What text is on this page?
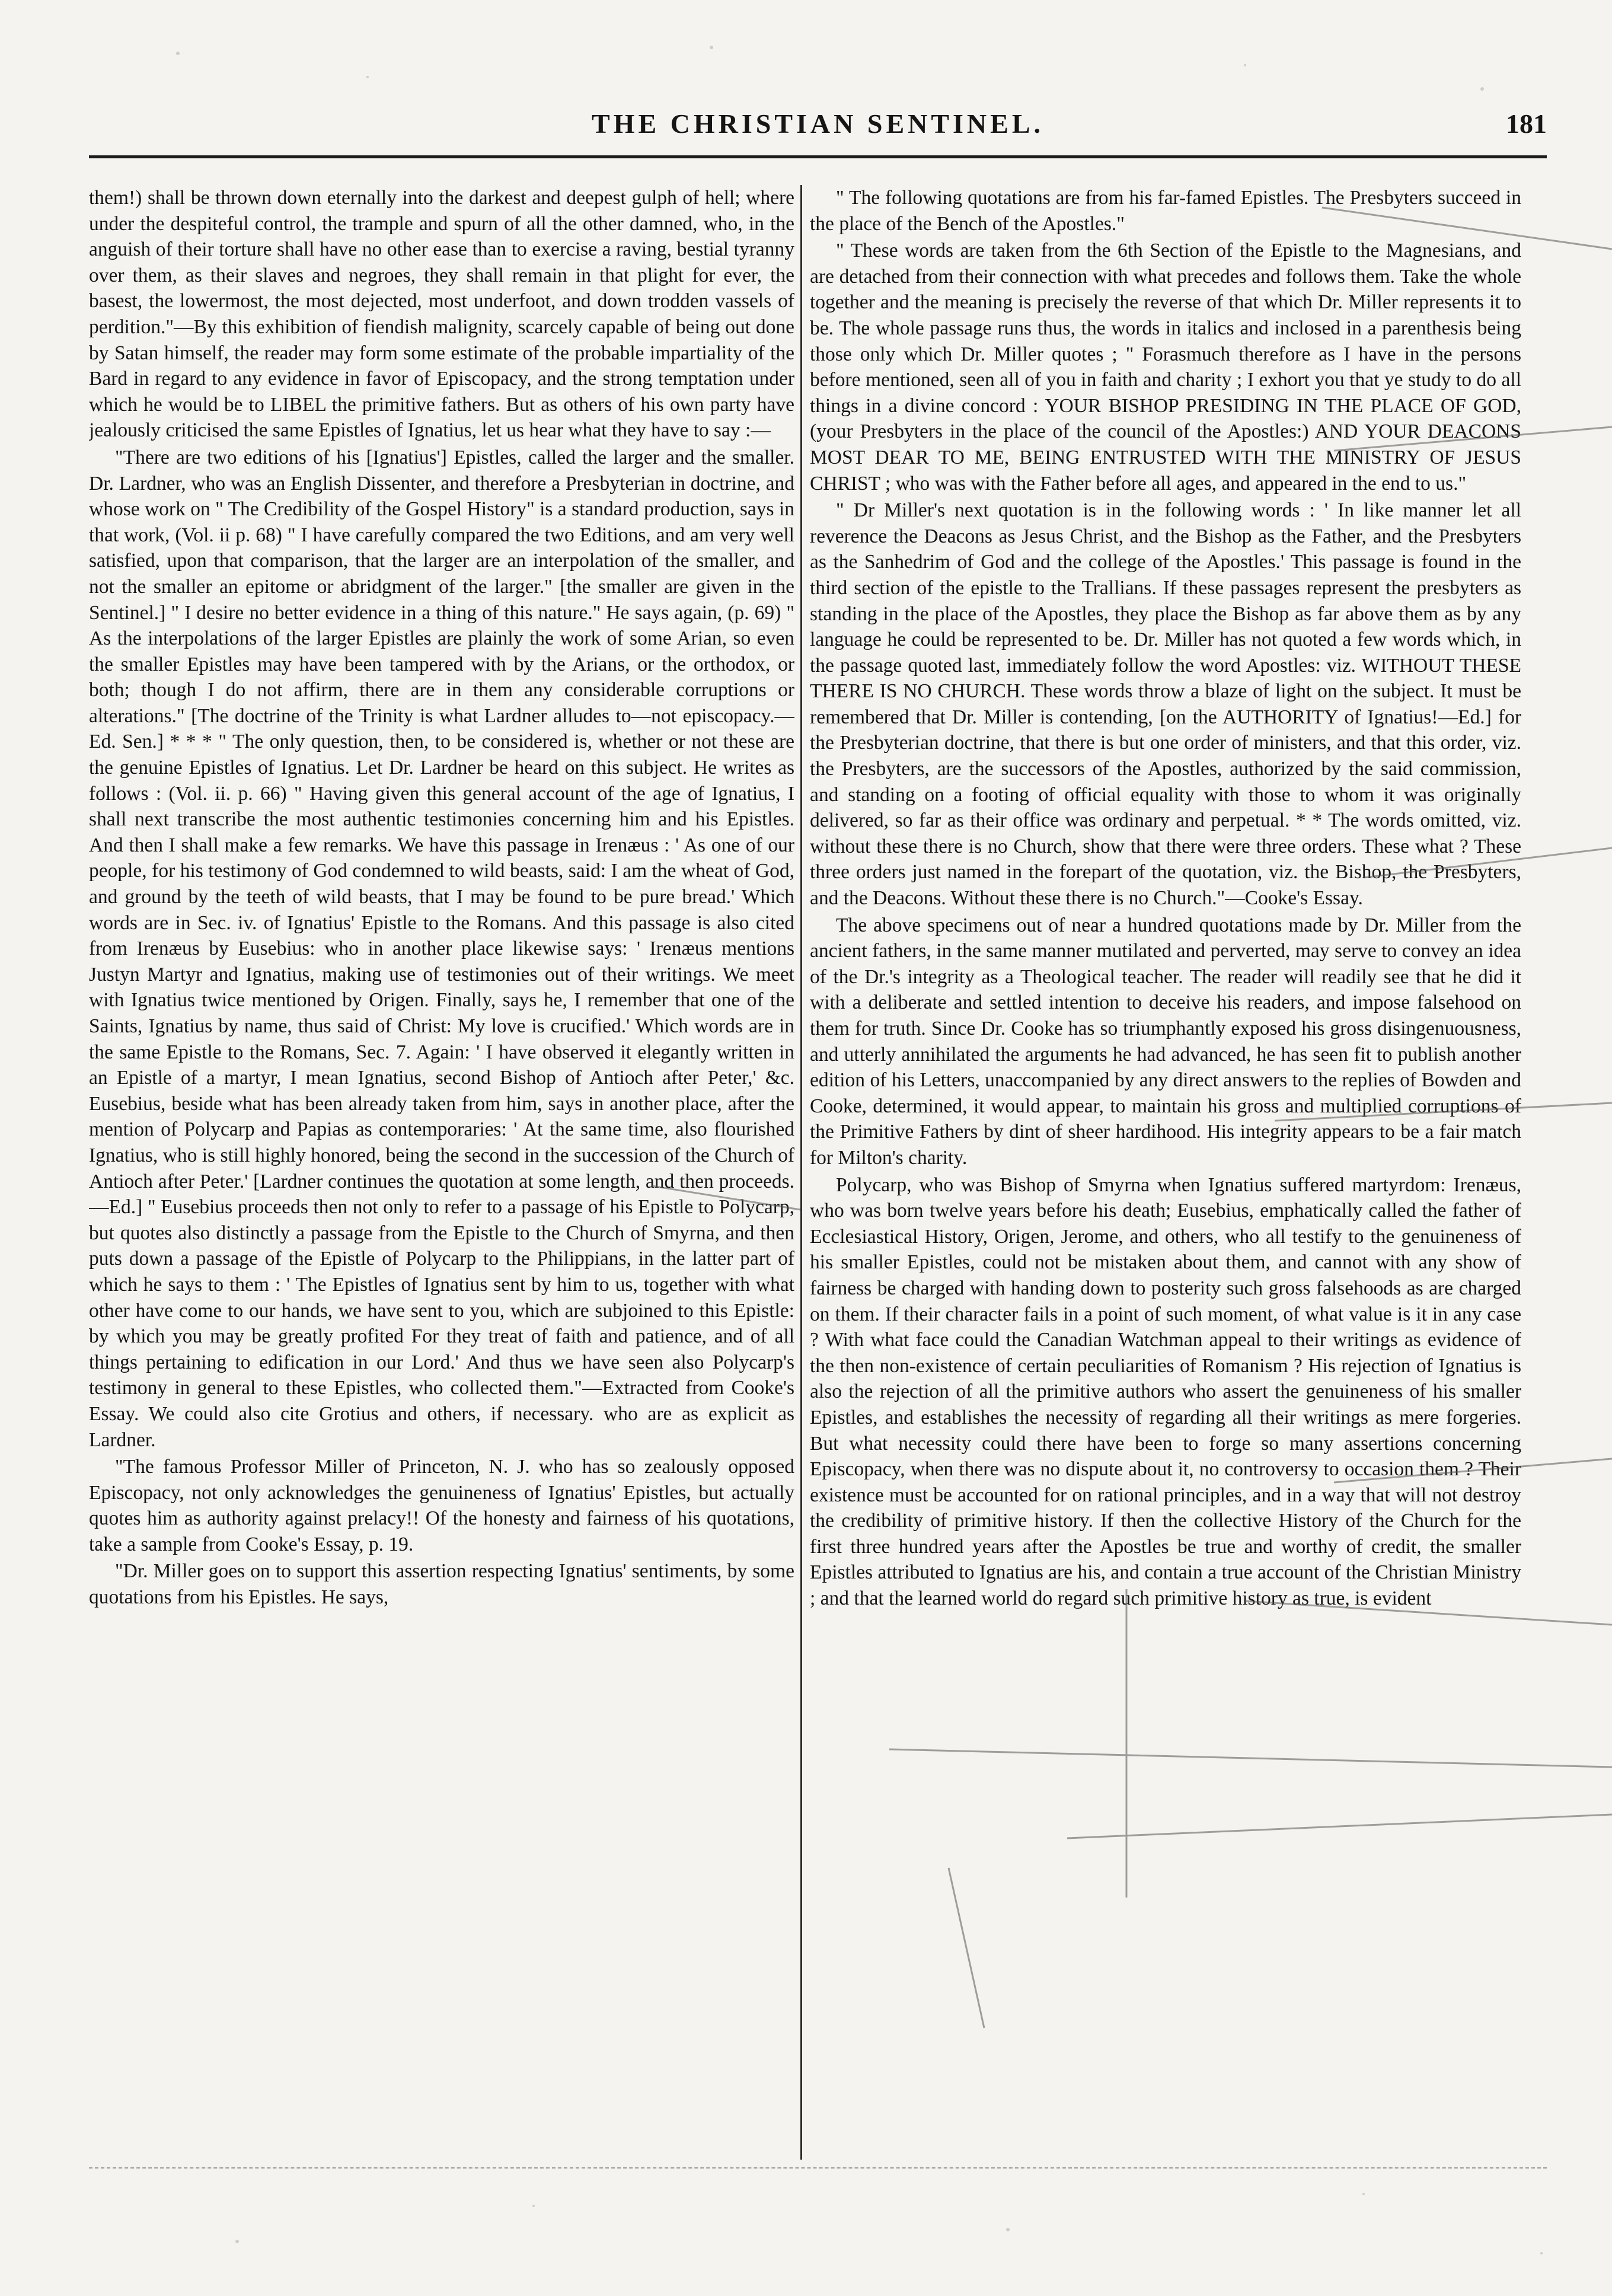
THE CHRISTIAN SENTINEL.	181

them!) shall be thrown down eternally into the darkest and deepest gulph of hell; where under the despiteful control, the trample and spurn of all the other damned, who, in the anguish of their torture shall have no other ease than to exercise a raving, bestial tyranny over them, as their slaves and negroes, they shall remain in that plight for ever, the basest, the lowermost, the most dejected, most underfoot, and down trodden vassels of perdition."—By this exhibition of fiendish malignity, scarcely capable of being out done by Satan himself, the reader may form some estimate of the probable impartiality of the Bard in regard to any evidence in favor of Episcopacy, and the strong temptation under which he would be to LIBEL the primitive fathers. But as others of his own party have jealously criticised the same Epistles of Ignatius, let us hear what they have to say :—

"There are two editions of his [Ignatius'] Epistles, called the larger and the smaller. Dr. Lardner, who was an English Dissenter, and therefore a Presbyterian in doctrine, and whose work on " The Credibility of the Gospel History" is a standard production, says in that work, (Vol. ii p. 68) " I have carefully compared the two Editions, and am very well satisfied, upon that comparison, that the larger are an interpolation of the smaller, and not the smaller an epitome or abridgment of the larger." [the smaller are given in the Sentinel.] " I desire no better evidence in a thing of this nature." He says again, (p. 69) " As the interpolations of the larger Epistles are plainly the work of some Arian, so even the smaller Epistles may have been tampered with by the Arians, or the orthodox, or both; though I do not affirm, there are in them any considerable corruptions or alterations." [The doctrine of the Trinity is what Lardner alludes to—not episcopacy.—Ed. Sen.] * * * " The only question, then, to be considered is, whether or not these are the genuine Epistles of Ignatius. Let Dr. Lardner be heard on this subject. He writes as follows : (Vol. ii. p. 66) " Having given this general account of the age of Ignatius, I shall next transcribe the most authentic testimonies concerning him and his Epistles. And then I shall make a few remarks. We have this passage in Irenæus : ' As one of our people, for his testimony of God condemned to wild beasts, said: I am the wheat of God, and ground by the teeth of wild beasts, that I may be found to be pure bread.' Which words are in Sec. iv. of Ignatius' Epistle to the Romans. And this passage is also cited from Irenæus by Eusebius: who in another place likewise says: ' Irenæus mentions Justyn Martyr and Ignatius, making use of testimonies out of their writings. We meet with Ignatius twice mentioned by Origen. Finally, says he, I remember that one of the Saints, Ignatius by name, thus said of Christ: My love is crucified.' Which words are in the same Epistle to the Romans, Sec. 7. Again: ' I have observed it elegantly written in an Epistle of a martyr, I mean Ignatius, second Bishop of Antioch after Peter,' &c. Eusebius, beside what has been already taken from him, says in another place, after the mention of Polycarp and Papias as contemporaries: ' At the same time, also flourished Ignatius, who is still highly honored, being the second in the succession of the Church of Antioch after Peter.' [Lardner continues the quotation at some length, and then proceeds.—Ed.] " Eusebius proceeds then not only to refer to a passage of his Epistle to Polycarp, but quotes also distinctly a passage from the Epistle to the Church of Smyrna, and then puts down a passage of the Epistle of Polycarp to the Philippians, in the latter part of which he says to them : ' The Epistles of Ignatius sent by him to us, together with what other have come to our hands, we have sent to you, which are subjoined to this Epistle: by which you may be greatly profited For they treat of faith and patience, and of all things pertaining to edification in our Lord.' And thus we have seen also Polycarp's testimony in general to these Epistles, who collected them."—Extracted from Cooke's Essay. We could also cite Grotius and others, if necessary. who are as explicit as Lardner.

"The famous Professor Miller of Princeton, N. J. who has so zealously opposed Episcopacy, not only acknowledges the genuineness of Ignatius' Epistles, but actually quotes him as authority against prelacy!! Of the honesty and fairness of his quotations, take a sample from Cooke's Essay, p. 19.

"Dr. Miller goes on to support this assertion respecting Ignatius' sentiments, by some quotations from his Epistles. He says,

" The following quotations are from his far-famed Epistles. The Presbyters succeed in the place of the Bench of the Apostles."

" These words are taken from the 6th Section of the Epistle to the Magnesians, and are detached from their connection with what precedes and follows them. Take the whole together and the meaning is precisely the reverse of that which Dr. Miller represents it to be. The whole passage runs thus, the words in italics and inclosed in a parenthesis being those only which Dr. Miller quotes ; " Forasmuch therefore as I have in the persons before mentioned, seen all of you in faith and charity ; I exhort you that ye study to do all things in a divine concord : YOUR BISHOP PRESIDING IN THE PLACE OF GOD, (your Presbyters in the place of the council of the Apostles:) AND YOUR DEACONS MOST DEAR TO ME, BEING ENTRUSTED WITH THE MINISTRY OF JESUS CHRIST ; who was with the Father before all ages, and appeared in the end to us."

" Dr Miller's next quotation is in the following words : ' In like manner let all reverence the Deacons as Jesus Christ, and the Bishop as the Father, and the Presbyters as the Sanhedrim of God and the college of the Apostles.' This passage is found in the third section of the epistle to the Trallians. If these passages represent the presbyters as standing in the place of the Apostles, they place the Bishop as far above them as by any language he could be represented to be. Dr. Miller has not quoted a few words which, in the passage quoted last, immediately follow the word Apostles: viz. WITHOUT THESE THERE IS NO CHURCH. These words throw a blaze of light on the subject. It must be remembered that Dr. Miller is contending, [on the AUTHORITY of Ignatius!—Ed.] for the Presbyterian doctrine, that there is but one order of ministers, and that this order, viz. the Presbyters, are the successors of the Apostles, authorized by the said commission, and standing on a footing of official equality with those to whom it was originally delivered, so far as their office was ordinary and perpetual. * * The words omitted, viz. without these there is no Church, show that there were three orders. These what ? These three orders just named in the forepart of the quotation, viz. the Bishop, the Presbyters, and the Deacons. Without these there is no Church."—Cooke's Essay.

The above specimens out of near a hundred quotations made by Dr. Miller from the ancient fathers, in the same manner mutilated and perverted, may serve to convey an idea of the Dr.'s integrity as a Theological teacher. The reader will readily see that he did it with a deliberate and settled intention to deceive his readers, and impose falsehood on them for truth. Since Dr. Cooke has so triumphantly exposed his gross disingenuousness, and utterly annihilated the arguments he had advanced, he has seen fit to publish another edition of his Letters, unaccompanied by any direct answers to the replies of Bowden and Cooke, determined, it would appear, to maintain his gross and multiplied corruptions of the Primitive Fathers by dint of sheer hardihood. His integrity appears to be a fair match for Milton's charity.

Polycarp, who was Bishop of Smyrna when Ignatius suffered martyrdom: Irenæus, who was born twelve years before his death; Eusebius, emphatically called the father of Ecclesiastical History, Origen, Jerome, and others, who all testify to the genuineness of his smaller Epistles, could not be mistaken about them, and cannot with any show of fairness be charged with handing down to posterity such gross falsehoods as are charged on them. If their character fails in a point of such moment, of what value is it in any case ? With what face could the Canadian Watchman appeal to their writings as evidence of the then non-existence of certain peculiarities of Romanism ? His rejection of Ignatius is also the rejection of all the primitive authors who assert the genuineness of his smaller Epistles, and establishes the necessity of regarding all their writings as mere forgeries. But what necessity could there have been to forge so many assertions concerning Episcopacy, when there was no dispute about it, no controversy to occasion them ? Their existence must be accounted for on rational principles, and in a way that will not destroy the credibility of primitive history. If then the collective History of the Church for the first three hundred years after the Apostles be true and worthy of credit, the smaller Epistles attributed to Ignatius are his, and contain a true account of the Christian Ministry ; and that the learned world do regard such primitive history as true, is evident
